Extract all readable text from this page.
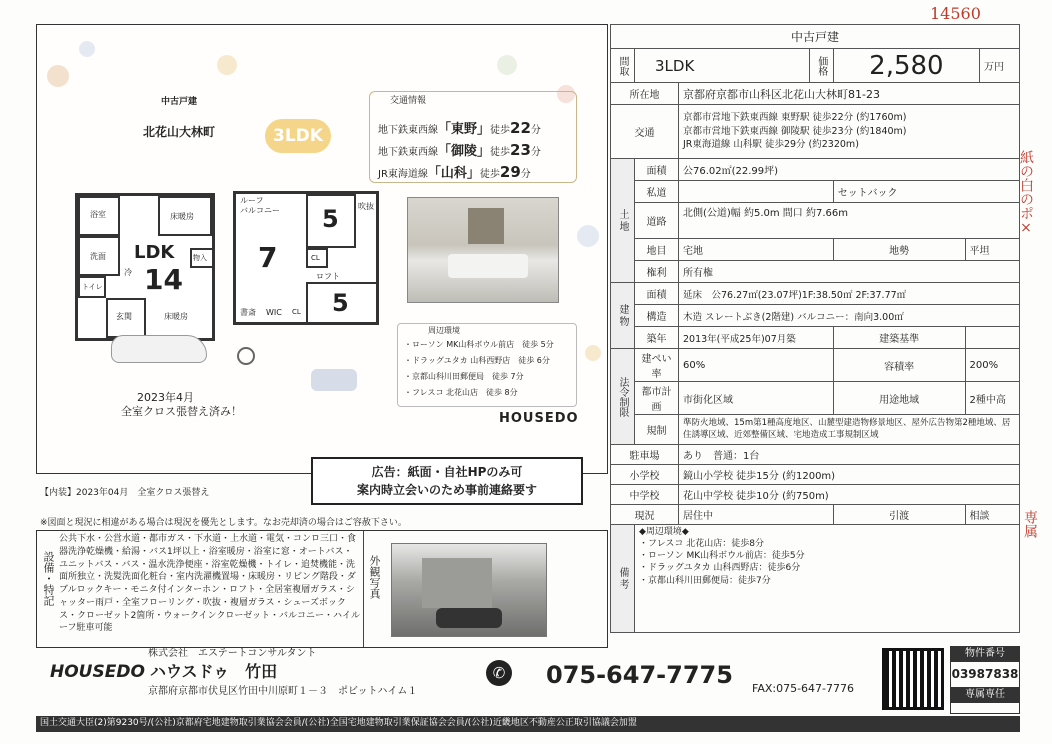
14560
紙の白のポ×
専属
中古戸建
北花山大林町	3LDK
交通情報
地下鉄東西線「東野」徒歩22分
地下鉄東西線「御陵」徒歩23分
JR東海道線「山科」徒歩29分
浴室	床暖房
洗面 LDK
14
冷
物入
トイレ
玄関	床暖房
ルーフ
バルコニー
7
5 吹抜
CL
ロフト
5
書斎 WIC CL
周辺環境
・ローソン MK山科ボウル前店　 徒歩 5分
・ドラッグユタカ 山科西野店　 徒歩 6分
・京都山科川田郵便局　 徒歩 7分
・フレスコ 北花山店　 徒歩 8分
2023年4月
全室クロス張替え済み！	HOUSEDO
広告：紙面・自社HPのみ可
案内時立会いのため事前連絡要す
【内装】2023年04月　全室クロス張替え
※図面と現況に相違がある場合は現況を優先とします。なお売却済の場合はご容赦下さい。
設備・特記
公共下水・公営水道・都市ガス・下水道・上水道・電気・コンロ三口・食器洗浄乾燥機・給湯・バス1坪以上・浴室暖房・浴室に窓・オートバス・ユニットバス・バス・温水洗浄便座・浴室乾燥機・トイレ・追焚機能・洗面所独立・洗髪洗面化粧台・室内洗濯機置場・床暖房・リビング階段・ダブルロックキー・モニタ付インターホン・ロフト・全居室複層ガラス・シャッター雨戸・全室フローリング・吹抜・複層ガラス・シューズボックス・クローゼット2箇所・ウォークインクローゼット・バルコニー・ハイルーフ駐車可能
外観写真
株式会社　エステートコンサルタント
HOUSEDO ハウスドゥ　竹田
京都府京都市伏見区竹田中川原町１－３　ポビットハイム１
✆ 075-647-7775 FAX:075-647-7776
物件番号
03987838
専属専任
国土交通大臣(2)第9230号/(公社)京都府宅地建物取引業協会会員/(公社)全国宅地建物取引業保証協会会員/(公社)近畿地区不動産公正取引協議会加盟
中古戸建						
間取	3LDK		価格	2,580		万円
所在地		京都府京都市山科区北花山大林町81-23				
交通		京都市営地下鉄東西線 東野駅 徒歩22分 (約1760m)
京都市営地下鉄東西線 御陵駅 徒歩23分 (約1840m)
JR東海道線 山科駅 徒歩29分 (約2320m)				

土地	面積	公76.02㎡(22.99坪)				
	私道			セットバック		
	道路	北側(公道)幅 約5.0m 間口 約7.66m				
	地目	宅地		地勢	平坦	
	権利	所有権				
建物	面積	延床　公76.27㎡(23.07坪)1F:38.50㎡ 2F:37.77㎡				
	構造	木造 スレートぶき(2階建) バルコニー：南向3.00㎡				
	築年	2013年(平成25年)07月築		建築基準		
法令制限	建ぺい率	60%		容積率	200%	
	都市計画	市街化区域		用途地域	2種中高	
	規制	準防火地域、15m第1種高度地区、山麓型建造物修景地区、屋外広告物第2種地域、居住誘導区域、近郊整備区域、宅地造成工事規制区域				
駐車場		あり　普通：1台				
小学校		鏡山小学校 徒歩15分 (約1200m)				
中学校		花山中学校 徒歩10分 (約750m)				
現況		居住中		引渡	相談	
備考	◆周辺環境◆
・フレスコ 北花山店：徒歩8分
・ローソン MK山科ボウル前店：徒歩5分
・ドラッグユタカ 山科西野店：徒歩6分
・京都山科川田郵便局：徒歩7分					
